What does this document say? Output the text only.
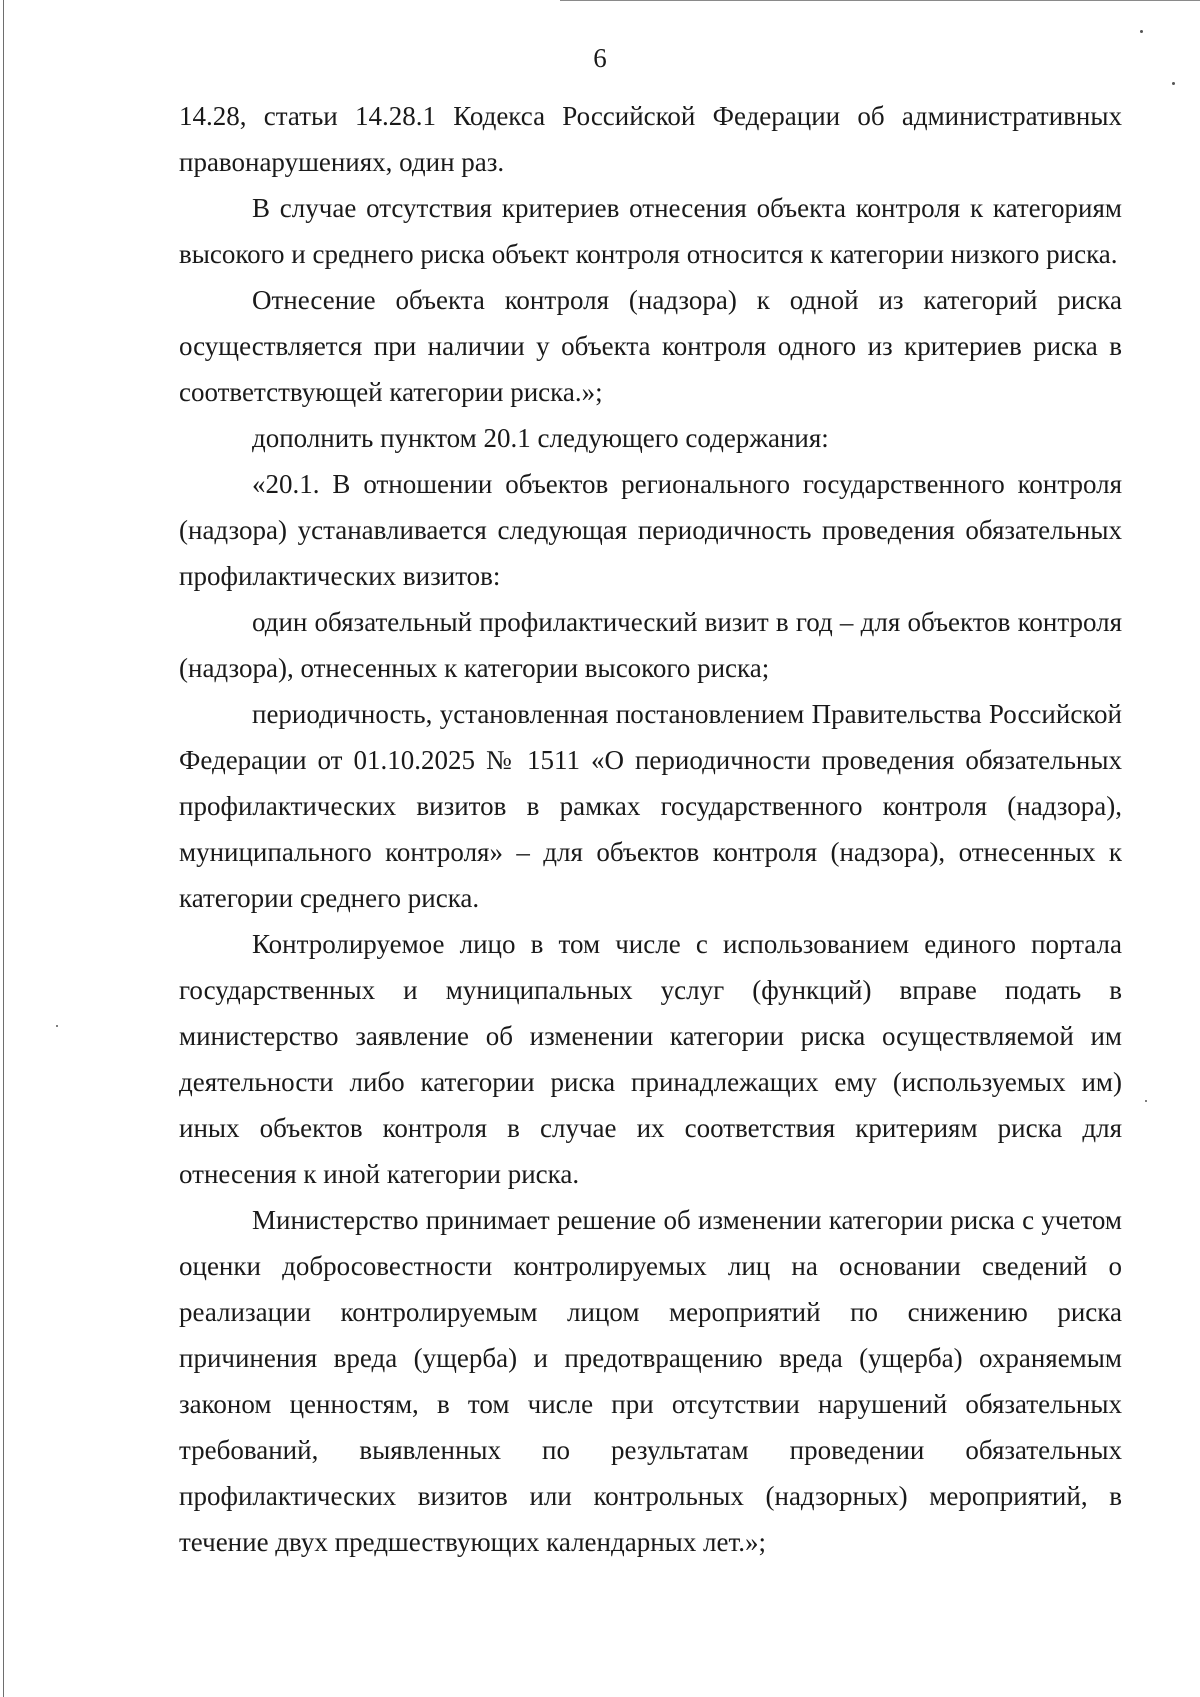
6

14.28, статьи 14.28.1 Кодекса Российской Федерации об административных правонарушениях, один раз.

В случае отсутствия критериев отнесения объекта контроля к категориям высокого и среднего риска объект контроля относится к категории низкого риска.

Отнесение объекта контроля (надзора) к одной из категорий риска осуществляется при наличии у объекта контроля одного из критериев риска в соответствующей категории риска.»;

дополнить пунктом 20.1 следующего содержания:

«20.1. В отношении объектов регионального государственного контроля (надзора) устанавливается следующая периодичность проведения обязательных профилактических визитов:

один обязательный профилактический визит в год – для объектов контроля (надзора), отнесенных к категории высокого риска;

периодичность, установленная постановлением Правительства Российской Федерации от 01.10.2025 № 1511 «О периодичности проведения обязательных профилактических визитов в рамках государственного контроля (надзора), муниципального контроля» – для объектов контроля (надзора), отнесенных к категории среднего риска.

Контролируемое лицо в том числе с использованием единого портала государственных и муниципальных услуг (функций) вправе подать в министерство заявление об изменении категории риска осуществляемой им деятельности либо категории риска принадлежащих ему (используемых им) иных объектов контроля в случае их соответствия критериям риска для отнесения к иной категории риска.

Министерство принимает решение об изменении категории риска с учетом оценки добросовестности контролируемых лиц на основании сведений о реализации контролируемым лицом мероприятий по снижению риска причинения вреда (ущерба) и предотвращению вреда (ущерба) охраняемым законом ценностям, в том числе при отсутствии нарушений обязательных требований, выявленных по результатам проведении обязательных профилактических визитов или контрольных (надзорных) мероприятий, в течение двух предшествующих календарных лет.»;
